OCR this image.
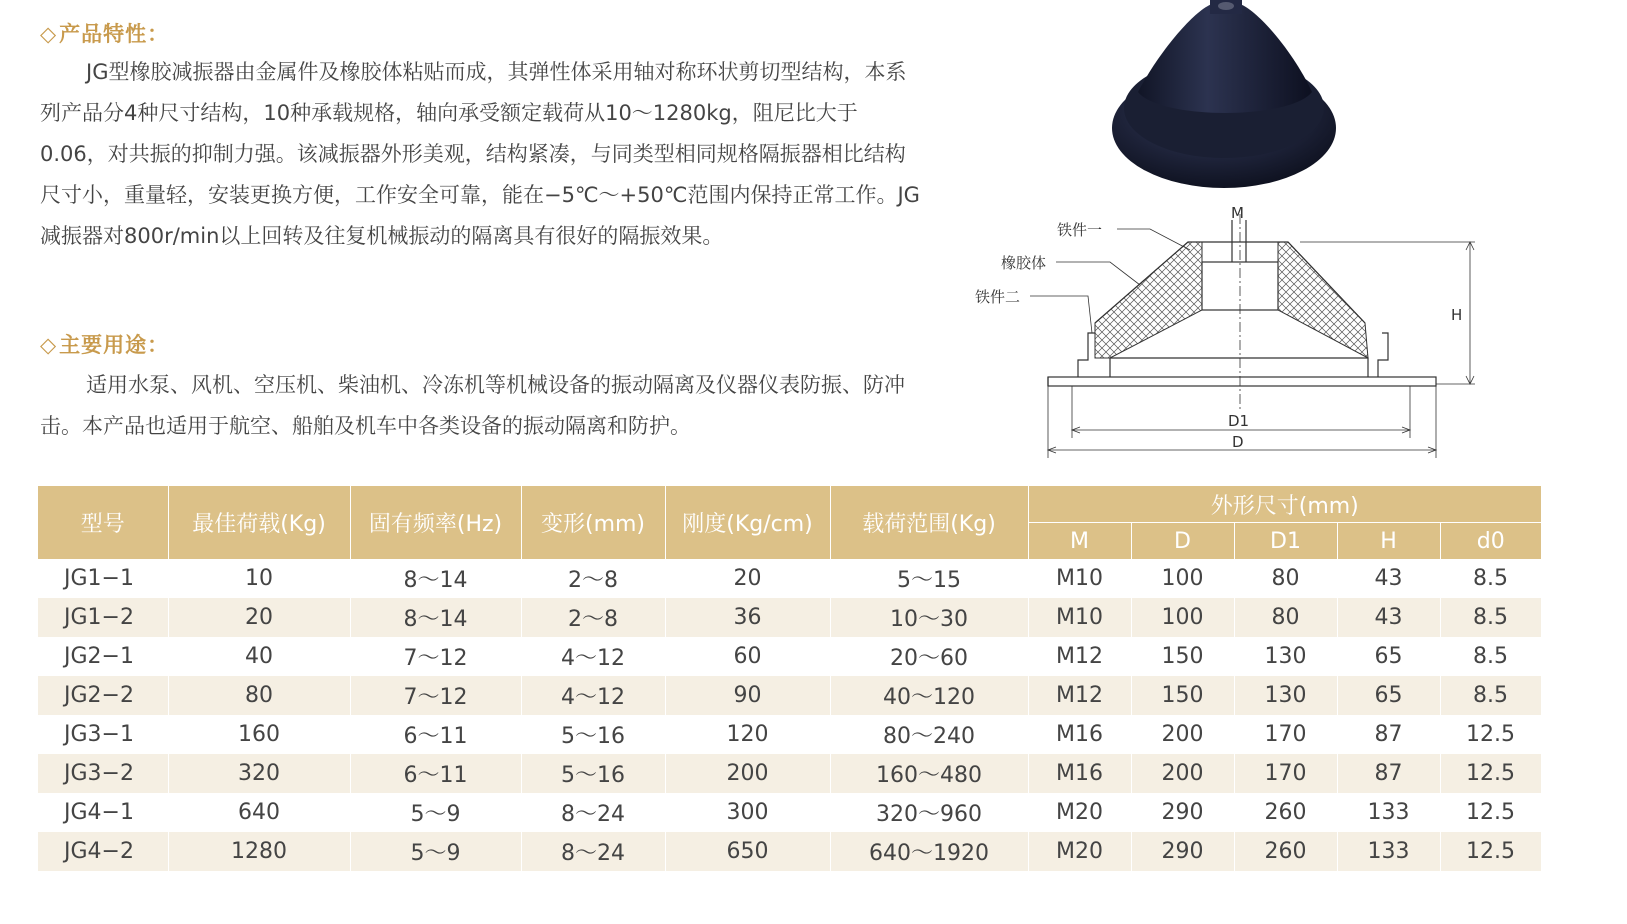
◇产品特性：

JG型橡胶减振器由金属件及橡胶体粘贴而成，其弹性体采用轴对称环状剪切型结构，本系列产品分4种尺寸结构，10种承载规格，轴向承受额定载荷从10～1280kg，阻尼比大于0.06，对共振的抑制力强。该减振器外形美观，结构紧凑，与同类型相同规格隔振器相比结构尺寸小，重量轻，安装更换方便，工作安全可靠，能在−5℃～+50℃范围内保持正常工作。JG减振器对800r/min以上回转及往复机械振动的隔离具有很好的隔振效果。

◇主要用途：

适用水泵、风机、空压机、柴油机、冷冻机等机械设备的振动隔离及仪器仪表防振、防冲击。本产品也适用于航空、船舶及机车中各类设备的振动隔离和防护。

铁件一
橡胶体
铁件二
M
H
D1
D
型号	最佳荷载(Kg)	固有频率(Hz)	变形(mm)	刚度(Kg/cm)	载荷范围(Kg)	外形尺寸(mm)				
						M	D	D1	H	d0
JG1−1	10	8～14	2～8	20	5～15	M10	100	80	43	8.5
JG1−2	20	8～14	2～8	36	10～30	M10	100	80	43	8.5
JG2−1	40	7～12	4～12	60	20～60	M12	150	130	65	8.5
JG2−2	80	7～12	4～12	90	40～120	M12	150	130	65	8.5
JG3−1	160	6～11	5～16	120	80～240	M16	200	170	87	12.5
JG3−2	320	6～11	5～16	200	160～480	M16	200	170	87	12.5
JG4−1	640	5～9	8～24	300	320～960	M20	290	260	133	12.5
JG4−2	1280	5～9	8～24	650	640～1920	M20	290	260	133	12.5
